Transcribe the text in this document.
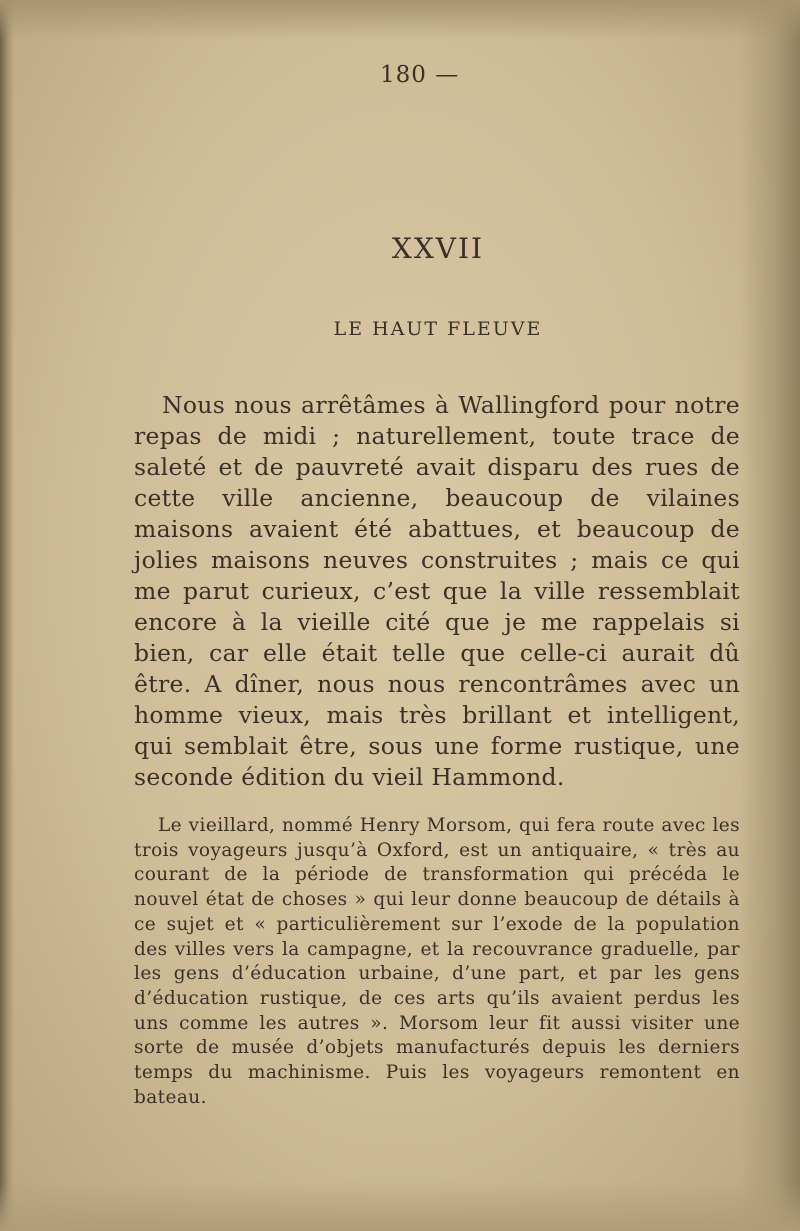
180 —
XXVII
LE HAUT FLEUVE

Nous nous arrêtâmes à Wallingford pour notre repas de midi ; naturellement, toute trace de saleté et de pauvreté avait disparu des rues de cette ville ancienne, beaucoup de vilaines maisons avaient été abattues, et beaucoup de jolies maisons neuves construites ; mais ce qui me parut curieux, c’est que la ville ressemblait encore à la vieille cité que je me rappelais si bien, car elle était telle que celle-ci aurait dû être. A dîner, nous nous rencontrâmes avec un homme vieux, mais très brillant et intelligent, qui semblait être, sous une forme rustique, une seconde édition du vieil Hammond.

Le vieillard, nommé Henry Morsom, qui fera route avec les trois voyageurs jusqu’à Oxford, est un antiquaire, « très au courant de la période de transformation qui précéda le nouvel état de choses » qui leur donne beaucoup de détails à ce sujet et « particulièrement sur l’exode de la population des villes vers la campagne, et la recouvrance graduelle, par les gens d’éducation urbaine, d’une part, et par les gens d’éducation rustique, de ces arts qu’ils avaient perdus les uns comme les autres ». Morsom leur fit aussi visiter une sorte de musée d’objets manufacturés depuis les derniers temps du machinisme. Puis les voyageurs remontent en bateau.
